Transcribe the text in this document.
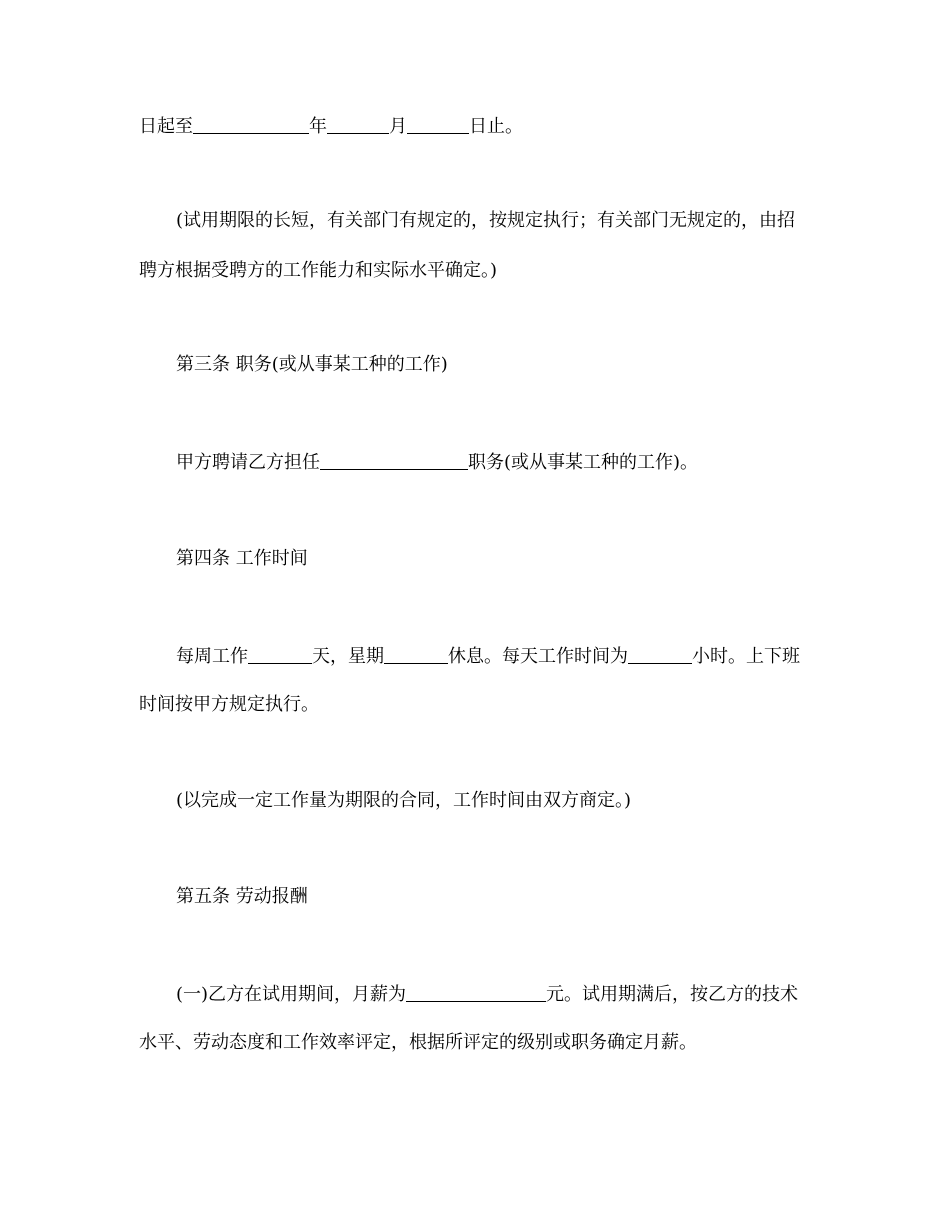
日起至	年	月	日止。
(试用期限的长短，有关部门有规定的，按规定执行；有关部门无规定的，由招
聘方根据受聘方的工作能力和实际水平确定。)
第三条 职务(或从事某工种的工作)
甲方聘请乙方担任	职务(或从事某工种的工作)。
第四条 工作时间
每周工作	天，星期	休息。每天工作时间为	小时。上下班
时间按甲方规定执行。
(以完成一定工作量为期限的合同，工作时间由双方商定。)
第五条 劳动报酬
(一)乙方在试用期间，月薪为	元。试用期满后，按乙方的技术
水平、劳动态度和工作效率评定，根据所评定的级别或职务确定月薪。
